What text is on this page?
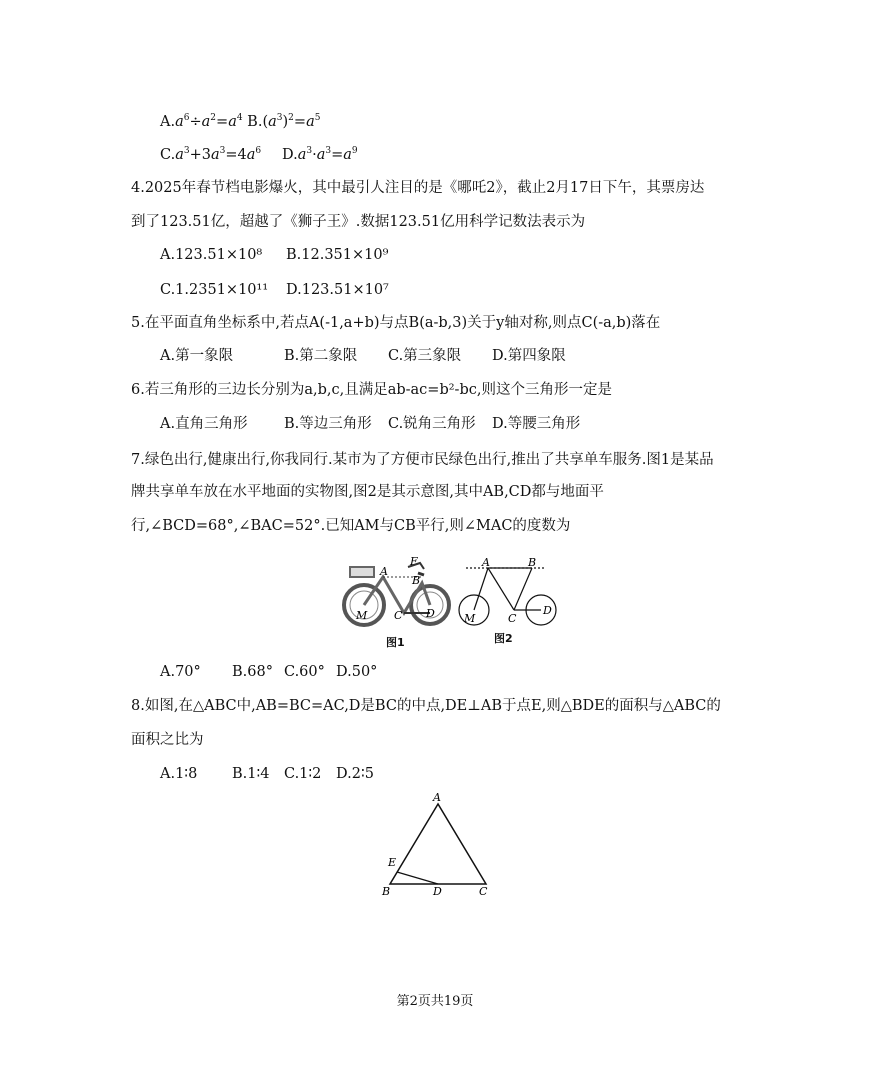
$A.a^6\div a^2=a^4$ $B.(a^3)^2=a^5$
$C.a^3+3a^3=4a^6$ $D.a^3\cdot a^3=a^9$
4.2025年春节档电影爆火，其中最引人注目的是《哪吒2》，截止2月17日下午，其票房达
到了123.51亿，超越了《狮子王》.数据123.51亿用科学记数法表示为
A.123.51×10⁸ B.12.351×10⁹
C.1.2351×10¹¹ D.123.51×10⁷
5.在平面直角坐标系中,若点A(-1,a+b)与点B(a-b,3)关于y轴对称,则点C(-a,b)落在
A.第一象限	B.第二象限 C.第三象限 D.第四象限
6.若三角形的三边长分别为a,b,c,且满足ab-ac=b²-bc,则这个三角形一定是
A.直角三角形	B.等边三角形 C.锐角三角形 D.等腰三角形
7.绿色出行,健康出行,你我同行.某市为了方便市民绿色出行,推出了共享单车服务.图1是某品
牌共享单车放在水平地面的实物图,图2是其示意图,其中AB,CD都与地面平
行,∠BCD=68°,∠BAC=52°.已知AM与CB平行,则∠MAC的度数为
A
F
B
M C D
图1
A	B
M	C
D
图2
A.70° B.68° C.60° D.50°
8.如图,在△ABC中,AB=BC=AC,D是BC的中点,DE⊥AB于点E,则△BDE的面积与△ABC的
面积之比为
A.1∶8 B.1∶4 C.1∶2 D.2∶5
A
B	D	C
E
第2页共19页
